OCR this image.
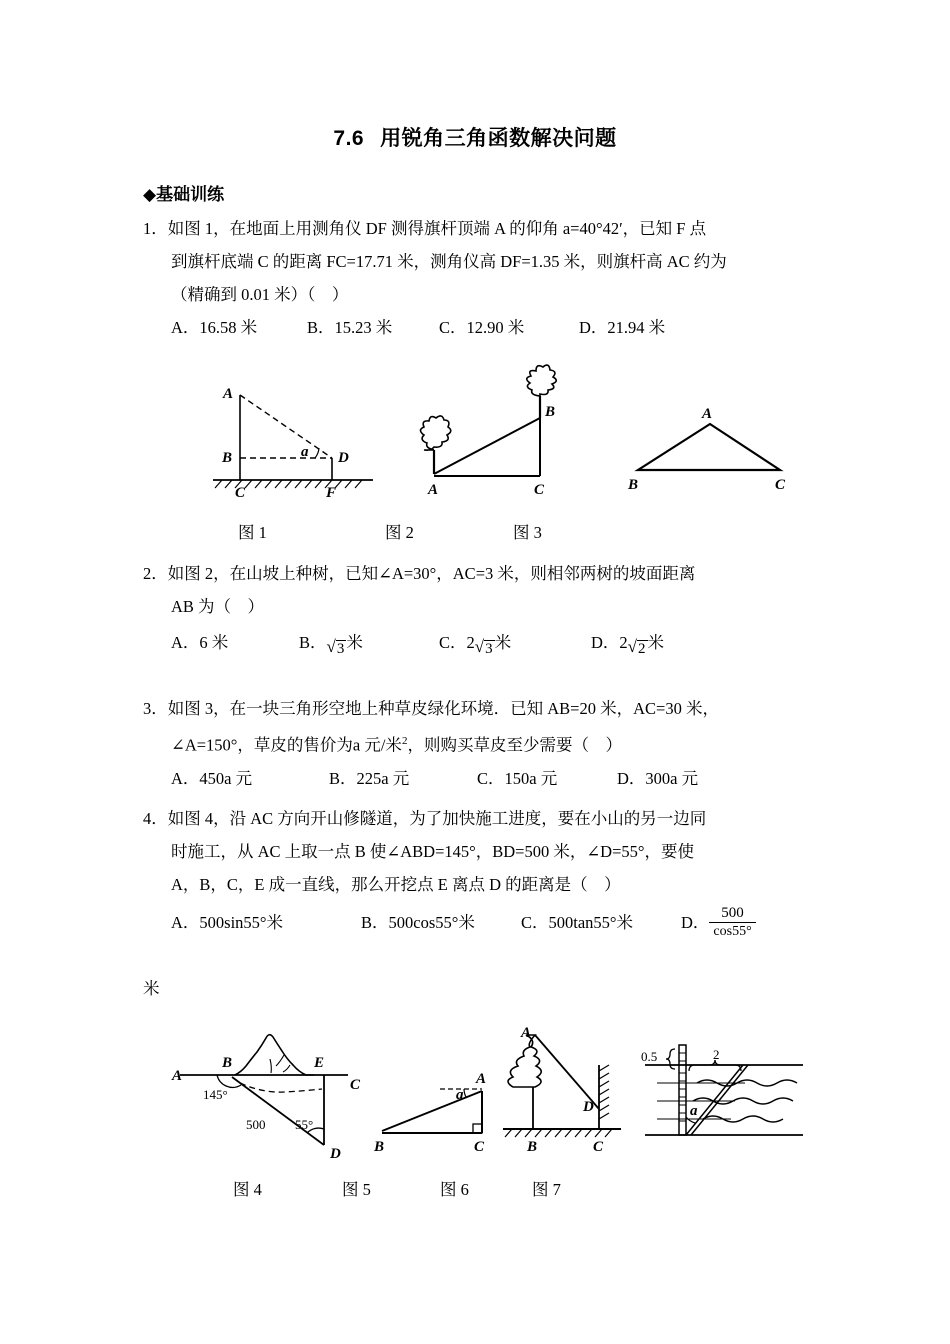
7.6 用锐角三角函数解决问题
◆基础训练
1．如图 1，在地面上用测角仪 DF 测得旗杆顶端 A 的仰角 a=40°42′，已知 F 点
到旗杆底端 C 的距离 FC=17.71 米，测角仪高 DF=1.35 米，则旗杆高 AC 约为
（精确到 0.01 米）（　）
A．16.58 米	B．15.23 米	C．12.90 米	D．21.94 米
A
B
C
D
F
a
A
B
C
A
B	C
图 1	图 2	图 3
2．如图 2，在山坡上种树，已知∠A=30°，AC=3 米，则相邻两树的坡面距离
AB 为（　）
A．6 米	B．√3 米	C．2√3 米	D．2√2 米
3．如图 3，在一块三角形空地上种草皮绿化环境．已知 AB=20 米，AC=30 米，
∠A=150°，草皮的售价为a 元/米$^2$，则购买草皮至少需要（　）
A．450a 元	B．225a 元	C．150a 元	D．300a 元
4．如图 4，沿 AC 方向开山修隧道，为了加快施工进度，要在小山的另一边同
时施工，从 AC 上取一点 B 使∠ABD=145°，BD=500 米，∠D=55°，要使
A，B，C，E 成一直线，那么开挖点 E 离点 D 的距离是（　）
A．500sin55°米	B．500cos55°米	C．500tan55°米	D． $\frac{500}{\cos 55^\circ}$
米
A
B	E
C
D
145°
500 55°
A
B	C
a
A
B	C
D
0.5	2
a
图 4	图 5	图 6	图 7
